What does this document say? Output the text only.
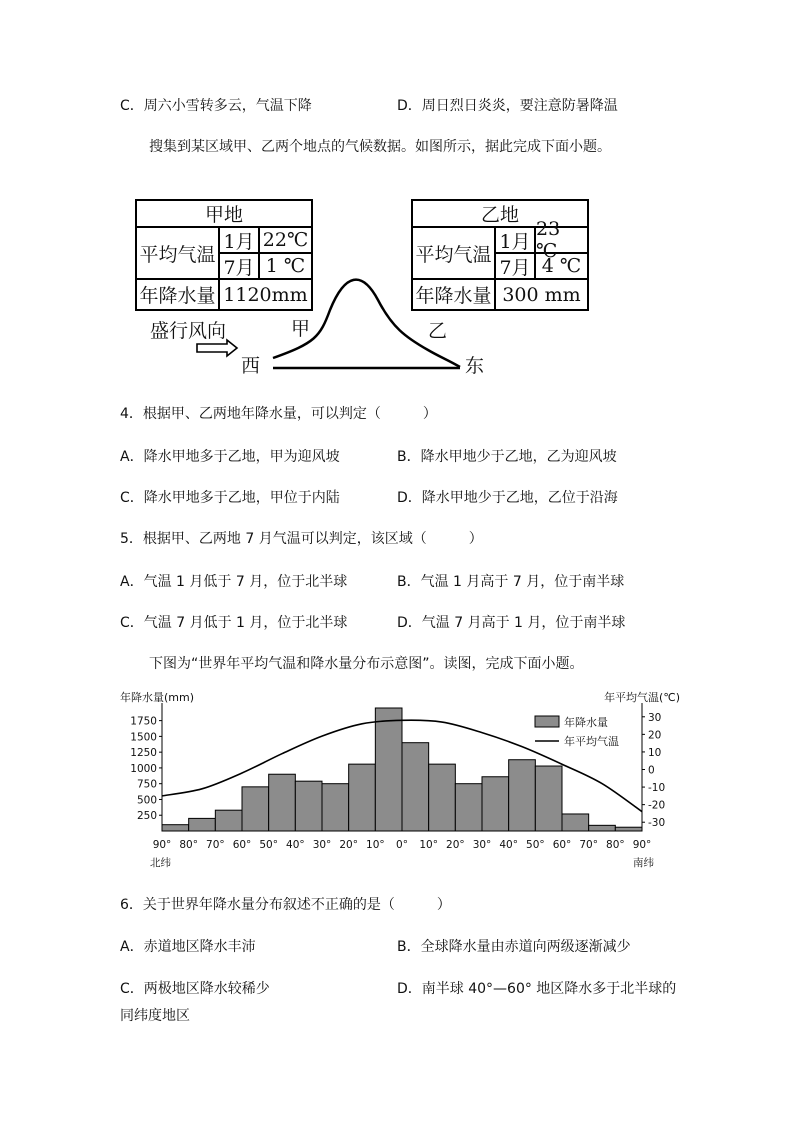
C．周六小雪转多云，气温下降	D．周日烈日炎炎，要注意防暑降温
搜集到某区域甲、乙两个地点的气候数据。如图所示，据此完成下面小题。
甲地
平均气温
1月 22℃
7月 1 ℃
年降水量 1120mm
乙地
平均气温
1月
23 ℃
7月 4 ℃
年降水量 300 mm
盛行风向	甲	乙
西	东
4．根据甲、乙两地年降水量，可以判定（　　　）
A．降水甲地多于乙地，甲为迎风坡	B．降水甲地少于乙地，乙为迎风坡
C．降水甲地多于乙地，甲位于内陆	D．降水甲地少于乙地，乙位于沿海
5．根据甲、乙两地 7 月气温可以判定，该区域（　　　）
A．气温 1 月低于 7 月，位于北半球	B．气温 1 月高于 7 月，位于南半球
C．气温 7 月低于 1 月，位于北半球	D．气温 7 月高于 1 月，位于南半球
下图为“世界年平均气温和降水量分布示意图”。读图，完成下面小题。
年降水量(mm)	年平均气温(℃)
250
500
750
1000
1250
1500
1750	30
20
10
0
-10
-20
-30
年降水量
年平均气温
90° 80° 70° 60° 50° 40° 30° 20° 10° 0° 10° 20° 30° 40° 50° 60° 70° 80° 90°
北纬	南纬
6．关于世界年降水量分布叙述不正确的是（　　　）
A．赤道地区降水丰沛	B．全球降水量由赤道向两级逐渐减少
C．两极地区降水较稀少	D．南半球 40°—60° 地区降水多于北半球的
同纬度地区
